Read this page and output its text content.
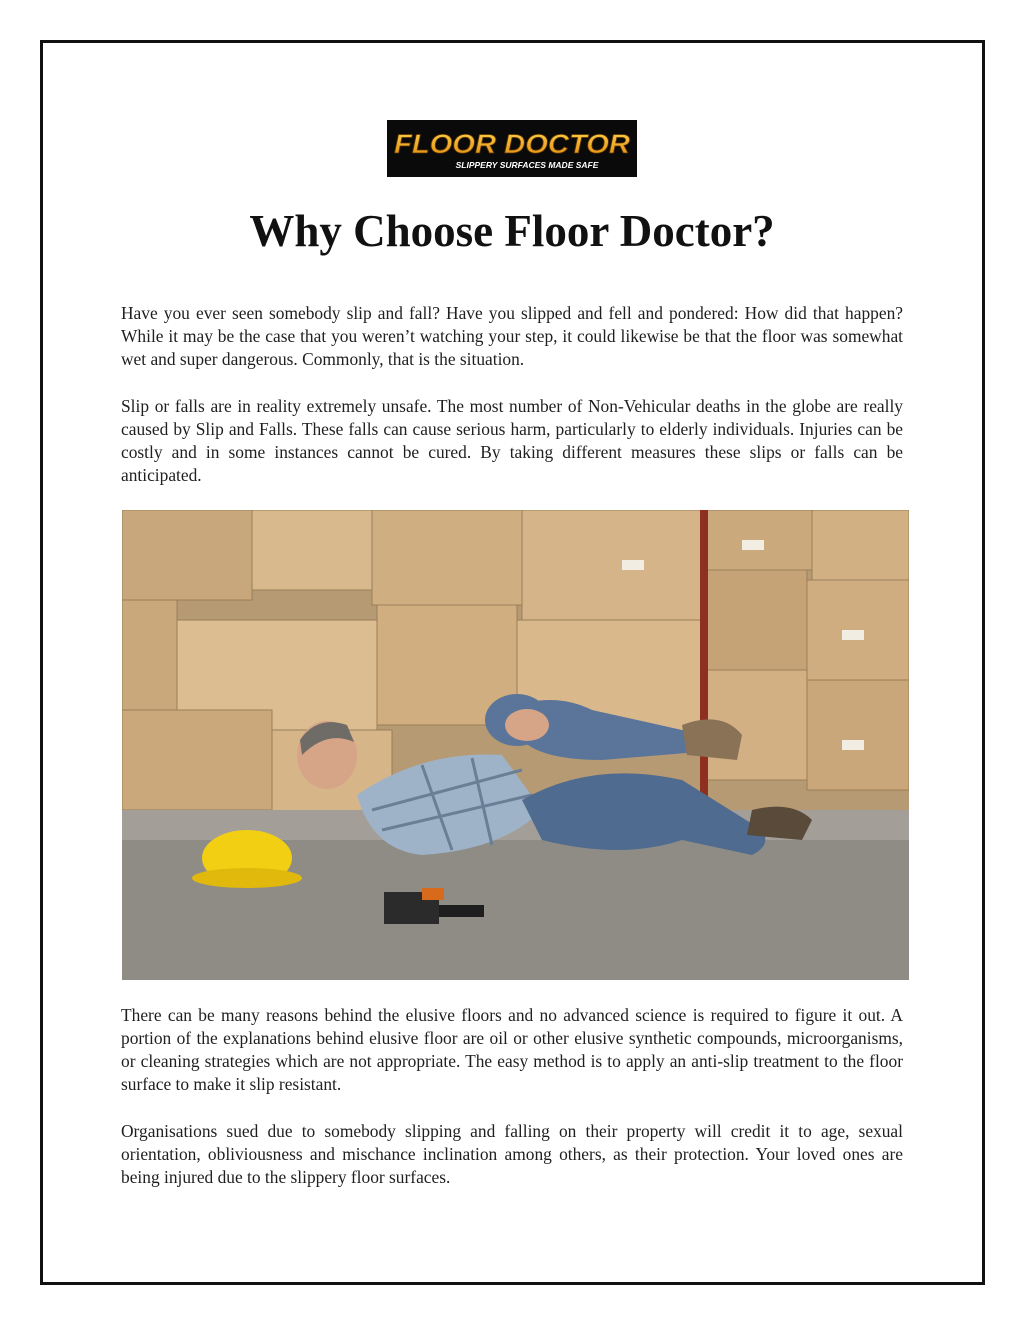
FLOOR DOCTOR
SLIPPERY SURFACES MADE SAFE
Why Choose Floor Doctor?

Have you ever seen somebody slip and fall? Have you slipped and fell and pondered: How did that happen? While it may be the case that you weren’t watching your step, it could likewise be that the floor was somewhat wet and super dangerous. Commonly, that is the situation.

Slip or falls are in reality extremely unsafe. The most number of Non-Vehicular deaths in the globe are really caused by Slip and Falls. These falls can cause serious harm, particularly to elderly individuals. Injuries can be costly and in some instances cannot be cured. By taking different measures these slips or falls can be anticipated.

There can be many reasons behind the elusive floors and no advanced science is required to figure it out. A portion of the explanations behind elusive floor are oil or other elusive synthetic compounds, microorganisms, or cleaning strategies which are not appropriate. The easy method is to apply an anti-slip treatment to the floor surface to make it slip resistant.

Organisations sued due to somebody slipping and falling on their property will credit it to age, sexual orientation, obliviousness and mischance inclination among others, as their protection. Your loved ones are being injured due to the slippery floor surfaces.
